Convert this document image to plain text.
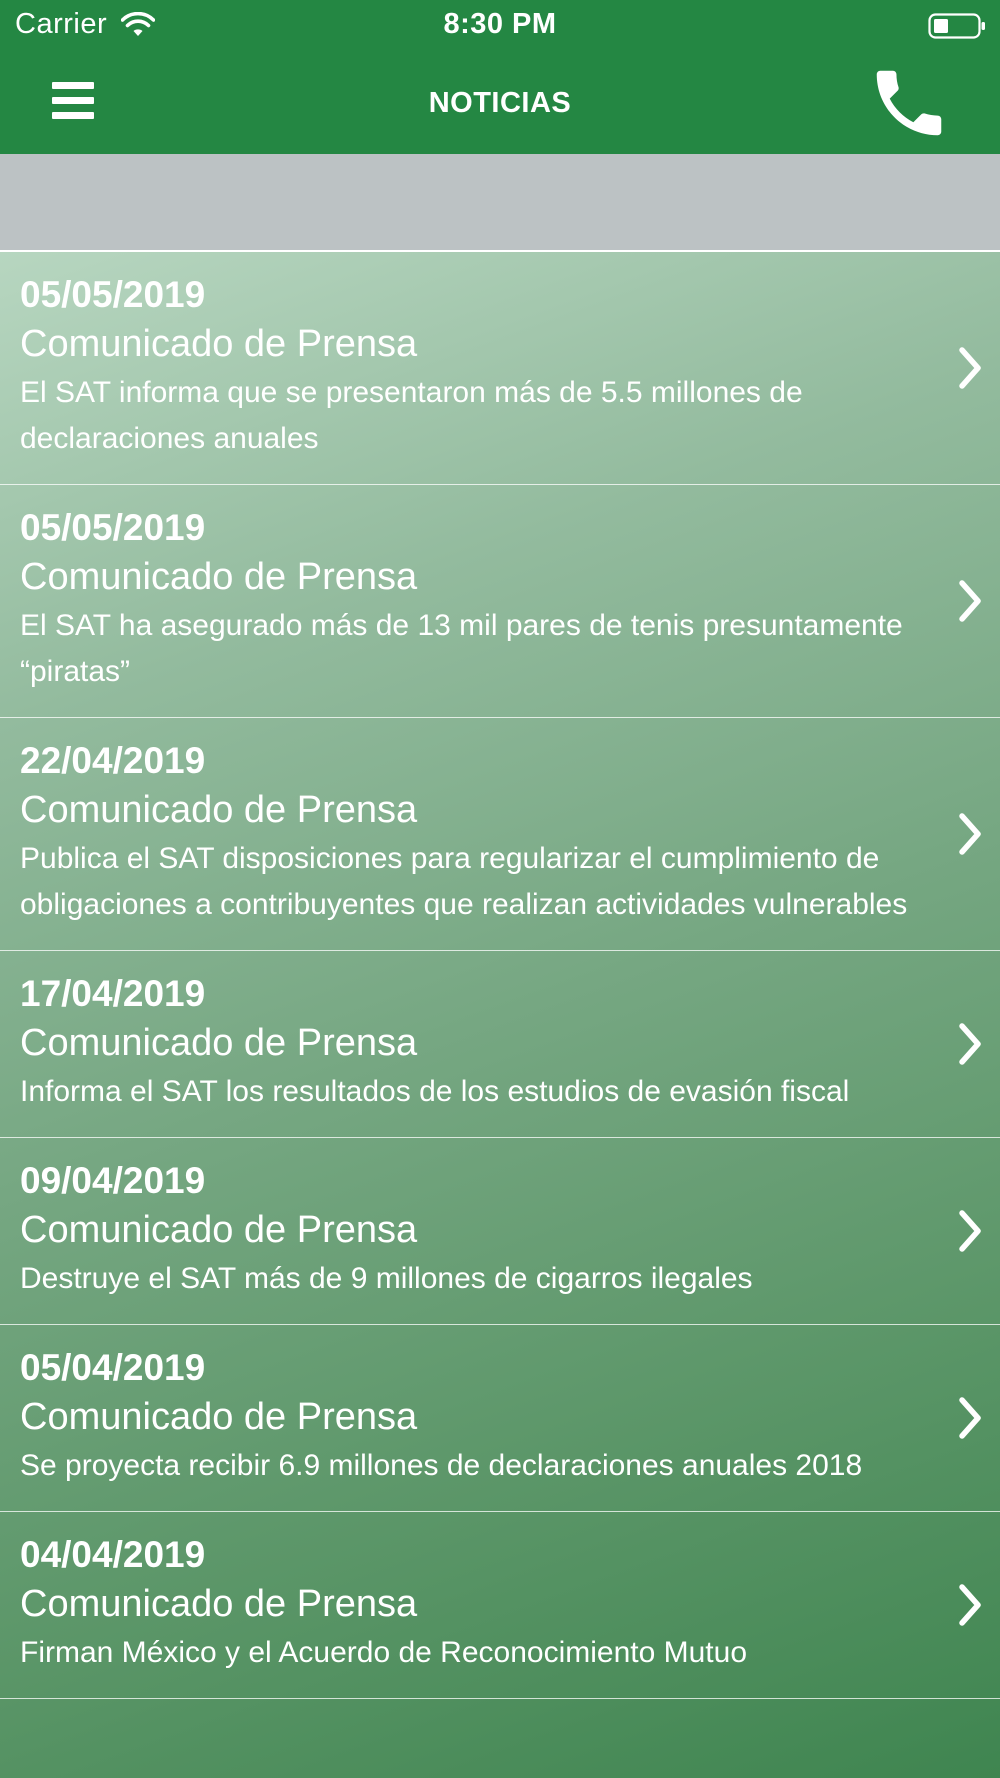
Carrier	8:30 PM
NOTICIAS
05/05/2019
Comunicado de Prensa
El SAT informa que se presentaron más de 5.5 millones de declaraciones anuales
05/05/2019
Comunicado de Prensa
El SAT ha asegurado más de 13 mil pares de tenis presuntamente “piratas”
22/04/2019
Comunicado de Prensa
Publica el SAT disposiciones para regularizar el cumplimiento de obligaciones a contribuyentes que realizan actividades vulnerables
17/04/2019
Comunicado de Prensa
Informa el SAT los resultados de los estudios de evasión fiscal
09/04/2019
Comunicado de Prensa
Destruye el SAT más de 9 millones de cigarros ilegales
05/04/2019
Comunicado de Prensa
Se proyecta recibir 6.9 millones de declaraciones anuales 2018
04/04/2019
Comunicado de Prensa
Firman México y el Acuerdo de Reconocimiento Mutuo
